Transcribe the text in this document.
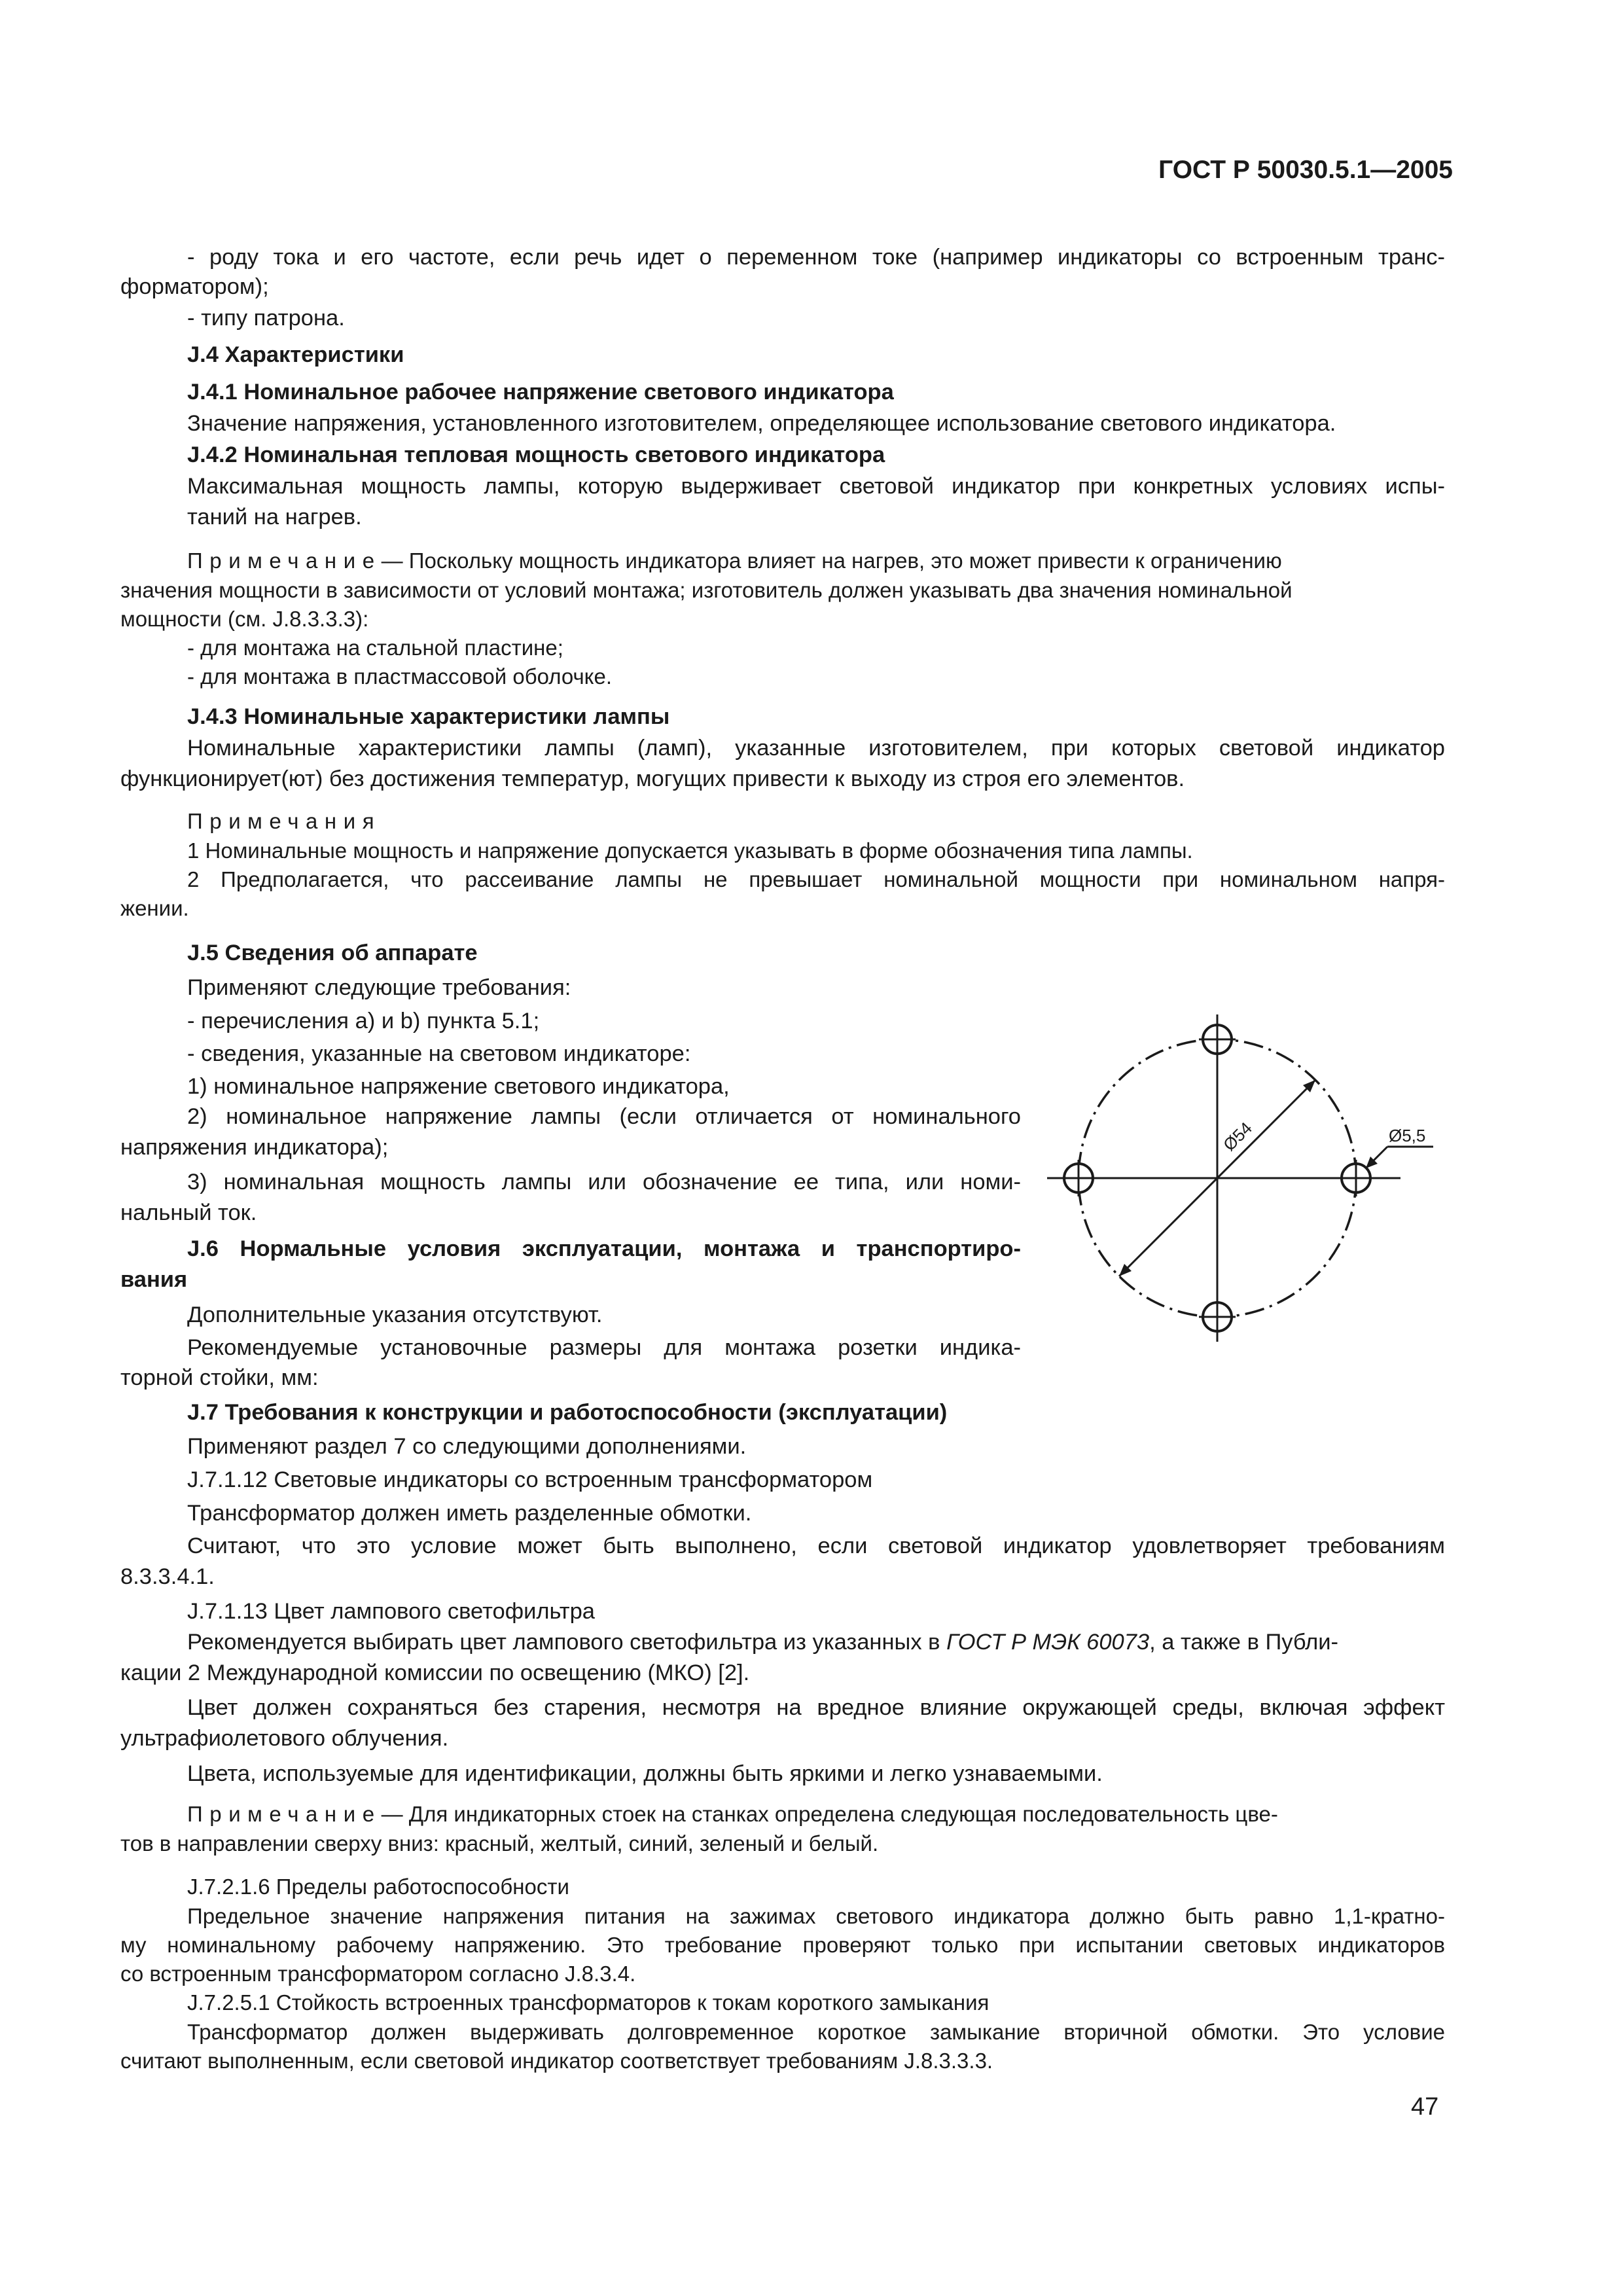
ГОСТ Р 50030.5.1—2005
- роду тока и его частоте, если речь идет о переменном токе (например индикаторы со встроенным транс-
форматором);
- типу патрона.
J.4 Характеристики
J.4.1 Номинальное рабочее напряжение светового индикатора
Значение напряжения, установленного изготовителем, определяющее использование светового индикатора.
J.4.2 Номинальная тепловая мощность светового индикатора
Максимальная мощность лампы, которую выдерживает световой индикатор при конкретных условиях испы-
таний на нагрев.
Примечание— Поскольку мощность индикатора влияет на нагрев, это может привести к ограничению
значения мощности в зависимости от условий монтажа; изготовитель должен указывать два значения номинальной
мощности (см. J.8.3.3.3):
- для монтажа на стальной пластине;
- для монтажа в пластмассовой оболочке.
J.4.3 Номинальные характеристики лампы
Номинальные характеристики лампы (ламп), указанные изготовителем, при которых световой индикатор
функционирует(ют) без достижения температур, могущих привести к выходу из строя его элементов.
Примечания
1 Номинальные мощность и напряжение допускается указывать в форме обозначения типа лампы.
2 Предполагается, что рассеивание лампы не превышает номинальной мощности при номинальном напря-
жении.
J.5 Сведения об аппарате
Применяют следующие требования:
- перечисления a) и b) пункта 5.1;
- сведения, указанные на световом индикаторе:
1) номинальное напряжение светового индикатора,
2) номинальное напряжение лампы (если отличается от номинального
напряжения индикатора);
3) номинальная мощность лампы или обозначение ее типа, или номи-
нальный ток.
J.6 Нормальные условия эксплуатации, монтажа и транспортиро-
вания
Дополнительные указания отсутствуют.
Рекомендуемые установочные размеры для монтажа розетки индика-
торной стойки, мм:
J.7 Требования к конструкции и работоспособности (эксплуатации)
Применяют раздел 7 со следующими дополнениями.
J.7.1.12 Световые индикаторы со встроенным трансформатором
Трансформатор должен иметь разделенные обмотки.
Считают, что это условие может быть выполнено, если световой индикатор удовлетворяет требованиям
8.3.3.4.1.
J.7.1.13 Цвет лампового светофильтра
Рекомендуется выбирать цвет лампового светофильтра из указанных в ГОСТ Р МЭК 60073, а также в Публи-
кации 2 Международной комиссии по освещению (МКО) [2].
Цвет должен сохраняться без старения, несмотря на вредное влияние окружающей среды, включая эффект
ультрафиолетового облучения.
Цвета, используемые для идентификации, должны быть яркими и легко узнаваемыми.
Примечание— Для индикаторных стоек на станках определена следующая последовательность цве-
тов в направлении сверху вниз: красный, желтый, синий, зеленый и белый.
J.7.2.1.6 Пределы работоспособности
Предельное значение напряжения питания на зажимах светового индикатора должно быть равно 1,1-кратно-
му номинальному рабочему напряжению. Это требование проверяют только при испытании световых индикаторов
со встроенным трансформатором согласно J.8.3.4.
J.7.2.5.1 Стойкость встроенных трансформаторов к токам короткого замыкания
Трансформатор должен выдерживать долговременное короткое замыкание вторичной обмотки. Это условие
считают выполненным, если световой индикатор соответствует требованиям J.8.3.3.3.
Ø54	Ø5,5
47
